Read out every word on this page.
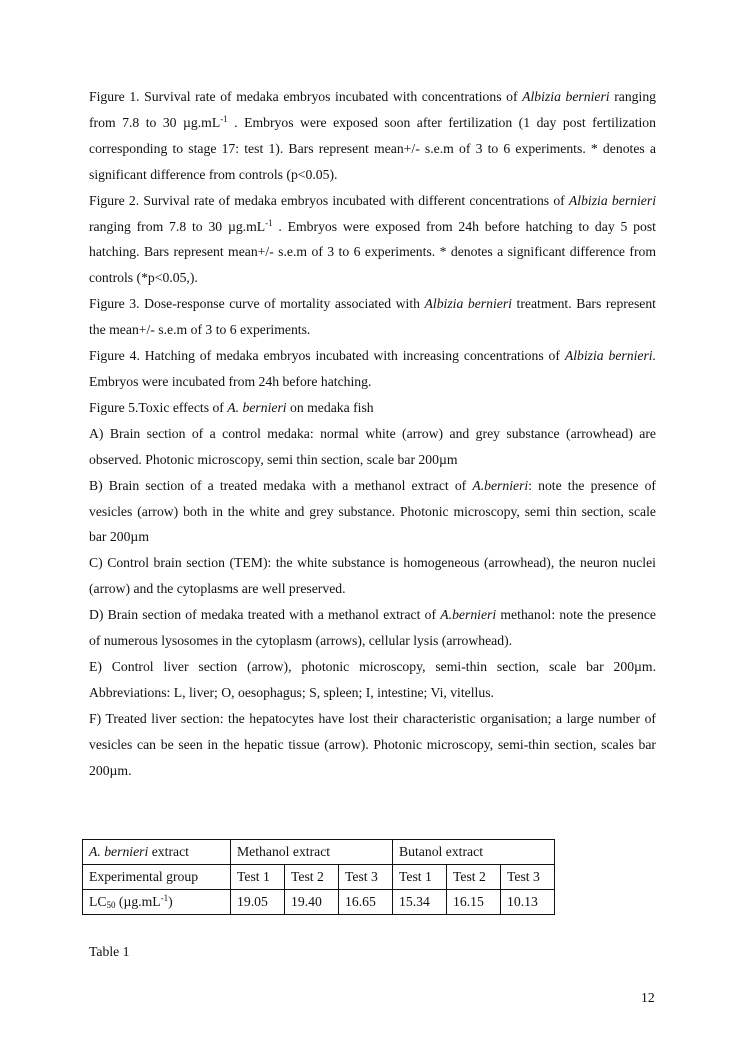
Figure 1. Survival rate of medaka embryos incubated with concentrations of Albizia bernieri ranging from 7.8 to 30 $\mu g.mL^{-1}$ . Embryos were exposed soon after fertilization (1 day post fertilization corresponding to stage 17: test 1). Bars represent mean+/- s.e.m of 3 to 6 experiments. * denotes a significant difference from controls (p<0.05).

Figure 2. Survival rate of medaka embryos incubated with different concentrations of Albizia bernieri ranging from 7.8 to 30 $\mu g.mL^{-1}$ . Embryos were exposed from 24h before hatching to day 5 post hatching. Bars represent mean+/- s.e.m of 3 to 6 experiments. * denotes a significant difference from controls (*p<0.05,).

Figure 3. Dose-response curve of mortality associated with Albizia bernieri treatment. Bars represent the mean+/- s.e.m of 3 to 6 experiments.

Figure 4. Hatching of medaka embryos incubated with increasing concentrations of Albizia bernieri. Embryos were incubated from 24h before hatching.

Figure 5.Toxic effects of A. bernieri on medaka fish

A) Brain section of a control medaka: normal white (arrow) and grey substance (arrowhead) are observed. Photonic microscopy, semi thin section, scale bar 200µm

B) Brain section of a treated medaka with a methanol extract of A.bernieri: note the presence of vesicles (arrow) both in the white and grey substance. Photonic microscopy, semi thin section, scale bar 200µm

C) Control brain section (TEM): the white substance is homogeneous (arrowhead), the neuron nuclei (arrow) and the cytoplasms are well preserved.

D) Brain section of medaka treated with a methanol extract of A.bernieri methanol: note the presence of numerous lysosomes in the cytoplasm (arrows), cellular lysis (arrowhead).

E) Control liver section (arrow), photonic microscopy, semi-thin section, scale bar 200µm. Abbreviations: L, liver; O, oesophagus; S, spleen; I, intestine; Vi, vitellus.

F) Treated liver section: the hepatocytes have lost their characteristic organisation; a large number of vesicles can be seen in the hepatic tissue (arrow). Photonic microscopy, semi-thin section, scales bar 200µm.

A. bernieri extract	Methanol extract			Butanol extract		
Experimental group	Test 1	Test 2	Test 3	Test 1	Test 2	Test 3
$LC_{50}$ $(\mu g.mL^{-1})$	19.05	19.40	16.65	15.34	16.15	10.13
Table 1
12
